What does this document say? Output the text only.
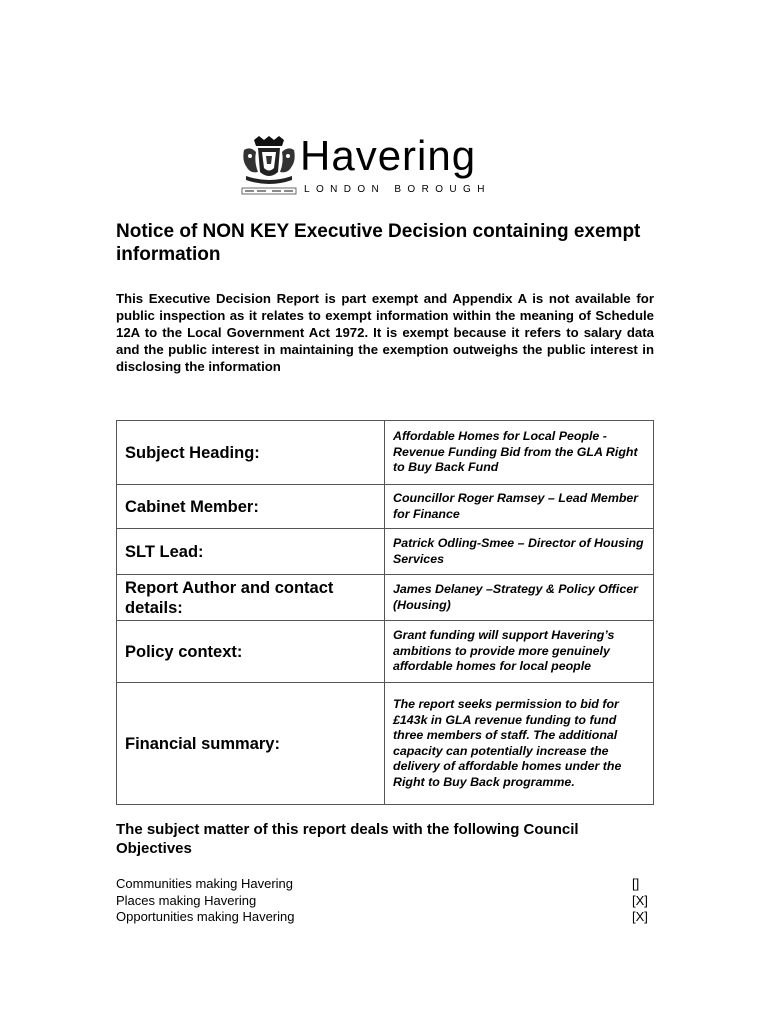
Havering
LONDON BOROUGH
Notice of NON KEY Executive Decision containing exempt information

This Executive Decision Report is part exempt and Appendix A is not available for public inspection as it relates to exempt information within the meaning of Schedule 12A to the Local Government Act 1972. It is exempt because it refers to salary data and the public interest in maintaining the exemption outweighs the public interest in disclosing the information

Subject Heading:	Affordable Homes for Local People - Revenue Funding Bid from the GLA Right to Buy Back Fund
Cabinet Member:	Councillor Roger Ramsey – Lead Member for Finance
SLT Lead:	Patrick Odling-Smee – Director of Housing Services
Report Author and contact details:	James Delaney –Strategy & Policy Officer (Housing)
Policy context:	Grant funding will support Havering’s ambitions to provide more genuinely affordable homes for local people
Financial summary:	The report seeks permission to bid for £143k in GLA revenue funding to fund three members of staff. The additional capacity can potentially increase the delivery of affordable homes under the Right to Buy Back programme.
The subject matter of this report deals with the following Council Objectives
Communities making Havering	[]
Places making Havering	[X]
Opportunities making Havering	[X]
